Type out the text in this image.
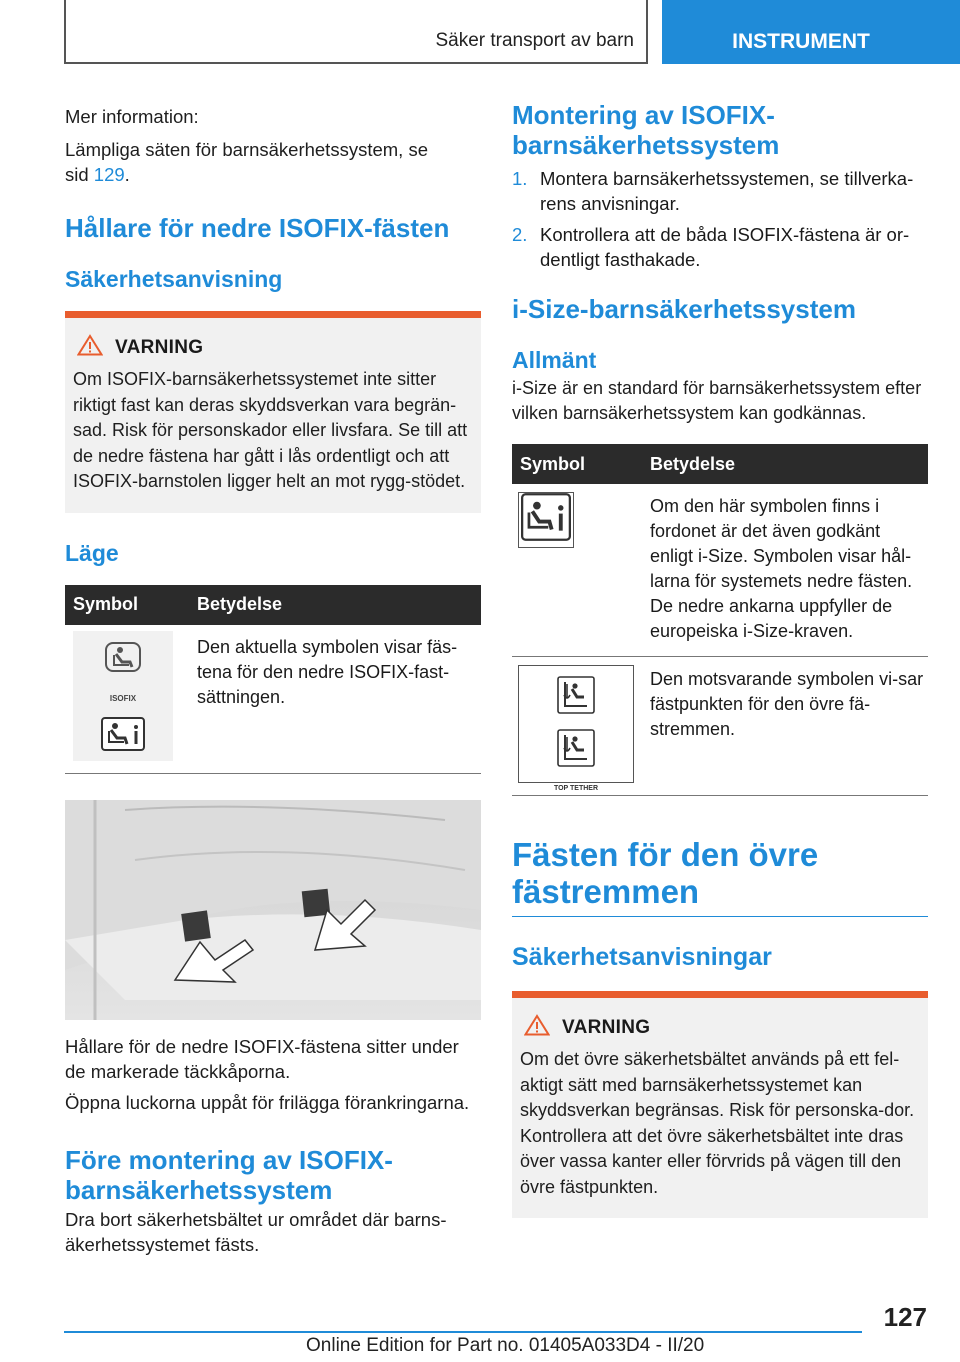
Säker transport av barn	INSTRUMENT

Mer information:

Lämpliga säten för barnsäkerhetssystem, se sid 129.

Hållare för nedre ISOFIX-fästen
Säkerhetsanvisning
VARNING

Om ISOFIX-barnsäkerhetssystemet inte sitter riktigt fast kan deras skyddsverkan vara begrän-sad. Risk för personskador eller livsfara. Se till att de nedre fästena har gått i lås ordentligt och att ISOFIX-barnstolen ligger helt an mot rygg-stödet.

Läge
Symbol	Betydelse

ISOFIX	Den aktuella symbolen visar fäs-tena för den nedre ISOFIX-fast-sättningen.

Hållare för de nedre ISOFIX-fästena sitter under de markerade täckkåporna.

Öppna luckorna uppåt för frilägga förankringarna.

Före montering av ISOFIX-barnsäkerhetssystem

Dra bort säkerhetsbältet ur området där barns-äkerhetssystemet fästs.

Montering av ISOFIX-barnsäkerhetssystem
1. Montera barnsäkerhetssystemen, se tillverka-rens anvisningar.
2. Kontrollera att de båda ISOFIX-fästena är or-dentligt fasthakade.
i-Size-barnsäkerhetssystem
Allmänt

i-Size är en standard för barnsäkerhetssystem efter vilken barnsäkerhetssystem kan godkännas.

Symbol	Betydelse

	Om den här symbolen finns i fordonet är det även godkänt enligt i-Size. Symbolen visar hål-larna för systemets nedre fästen. De nedre ankarna uppfyller de europeiska i-Size-kraven.

TOP TETHER	Den motsvarande symbolen vi-sar fästpunkten för den övre fä-stremmen.
Fästen för den övre fästremmen
Säkerhetsanvisningar
VARNING

Om det övre säkerhetsbältet används på ett fel-aktigt sätt med barnsäkerhetssystemet kan skyddsverkan begränsas. Risk för personska-dor. Kontrollera att det övre säkerhetsbältet inte dras över vassa kanter eller förvrids på vägen till den övre fästpunkten.

127
Online Edition for Part no. 01405A033D4 - II/20
